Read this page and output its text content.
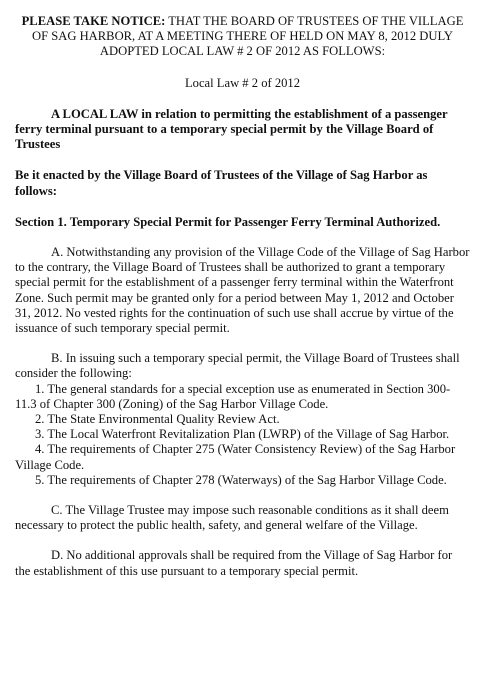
PLEASE TAKE NOTICE: THAT THE BOARD OF TRUSTEES OF THE VILLAGE OF SAG HARBOR, AT A MEETING THERE OF HELD ON MAY 8, 2012 DULY ADOPTED LOCAL LAW # 2 OF 2012 AS FOLLOWS:

Local Law # 2 of 2012
A LOCAL LAW in relation to permitting the establishment of a passenger ferry terminal pursuant to a temporary special permit by the Village Board of Trustees
Be it enacted by the Village Board of Trustees of the Village of Sag Harbor as follows:
Section 1. Temporary Special Permit for Passenger Ferry Terminal Authorized.
A. Notwithstanding any provision of the Village Code of the Village of Sag Harbor to the contrary, the Village Board of Trustees shall be authorized to grant a temporary special permit for the establishment of a passenger ferry terminal within the Waterfront Zone. Such permit may be granted only for a period between May 1, 2012 and October 31, 2012. No vested rights for the continuation of such use shall accrue by virtue of the issuance of such temporary special permit.
B. In issuing such a temporary special permit, the Village Board of Trustees shall consider the following:
1. The general standards for a special exception use as enumerated in Section 300-11.3 of Chapter 300 (Zoning) of the Sag Harbor Village Code.
2. The State Environmental Quality Review Act.
3. The Local Waterfront Revitalization Plan (LWRP) of the Village of Sag Harbor.
4. The requirements of Chapter 275 (Water Consistency Review) of the Sag Harbor Village Code.
5. The requirements of Chapter 278 (Waterways) of the Sag Harbor Village Code.
C. The Village Trustee may impose such reasonable conditions as it shall deem necessary to protect the public health, safety, and general welfare of the Village.
D. No additional approvals shall be required from the Village of Sag Harbor for the establishment of this use pursuant to a temporary special permit.
